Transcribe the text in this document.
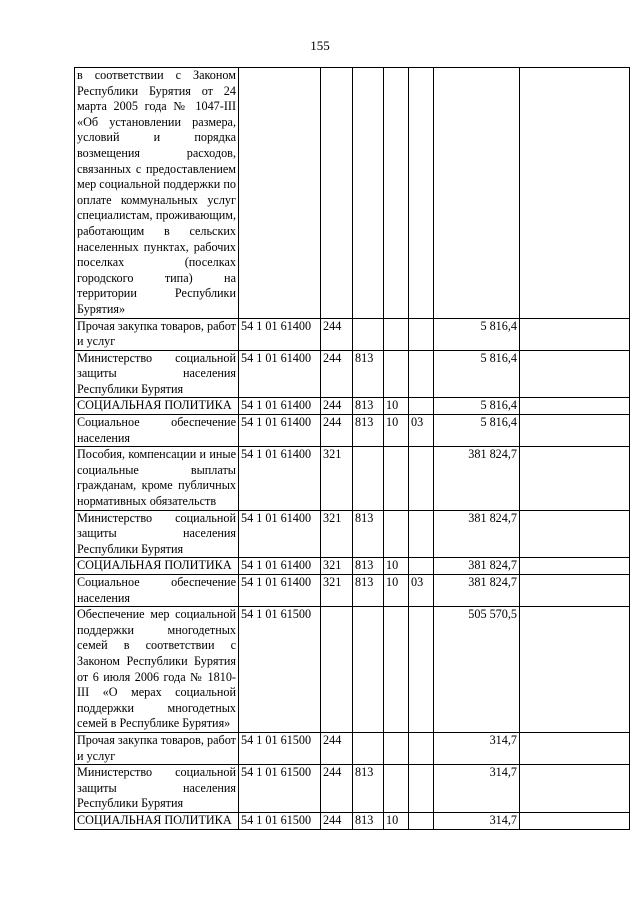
155
в соответствии с Законом Республики Бурятия от 24 марта 2005 года № 1047-III «Об установлении размера, условий и порядка возмещения расходов, связанных с предоставлением мер социальной поддержки по оплате коммунальных услуг специалистам, проживающим, работающим в сельских населенных пунктах, рабочих поселках (поселках городского типа) на территории Республики Бурятия»							
Прочая закупка товаров, работ и услуг	54 1 01 61400	244				5 816,4	
Министерство социальной защиты населения Республики Бурятия	54 1 01 61400	244	813			5 816,4	
СОЦИАЛЬНАЯ ПОЛИТИКА	54 1 01 61400	244	813	10		5 816,4	
Социальное обеспечение населения	54 1 01 61400	244	813	10	03	5 816,4	
Пособия, компенсации и иные социальные выплаты гражданам, кроме публичных нормативных обязательств	54 1 01 61400	321				381 824,7	
Министерство социальной защиты населения Республики Бурятия	54 1 01 61400	321	813			381 824,7	
СОЦИАЛЬНАЯ ПОЛИТИКА	54 1 01 61400	321	813	10		381 824,7	
Социальное обеспечение населения	54 1 01 61400	321	813	10	03	381 824,7	
Обеспечение мер социальной поддержки многодетных семей в соответствии с Законом Республики Бурятия от 6 июля 2006 года № 1810-III «О мерах социальной поддержки многодетных семей в Республике Бурятия»	54 1 01 61500					505 570,5	
Прочая закупка товаров, работ и услуг	54 1 01 61500	244				314,7	
Министерство социальной защиты населения Республики Бурятия	54 1 01 61500	244	813			314,7	
СОЦИАЛЬНАЯ ПОЛИТИКА	54 1 01 61500	244	813	10		314,7	
